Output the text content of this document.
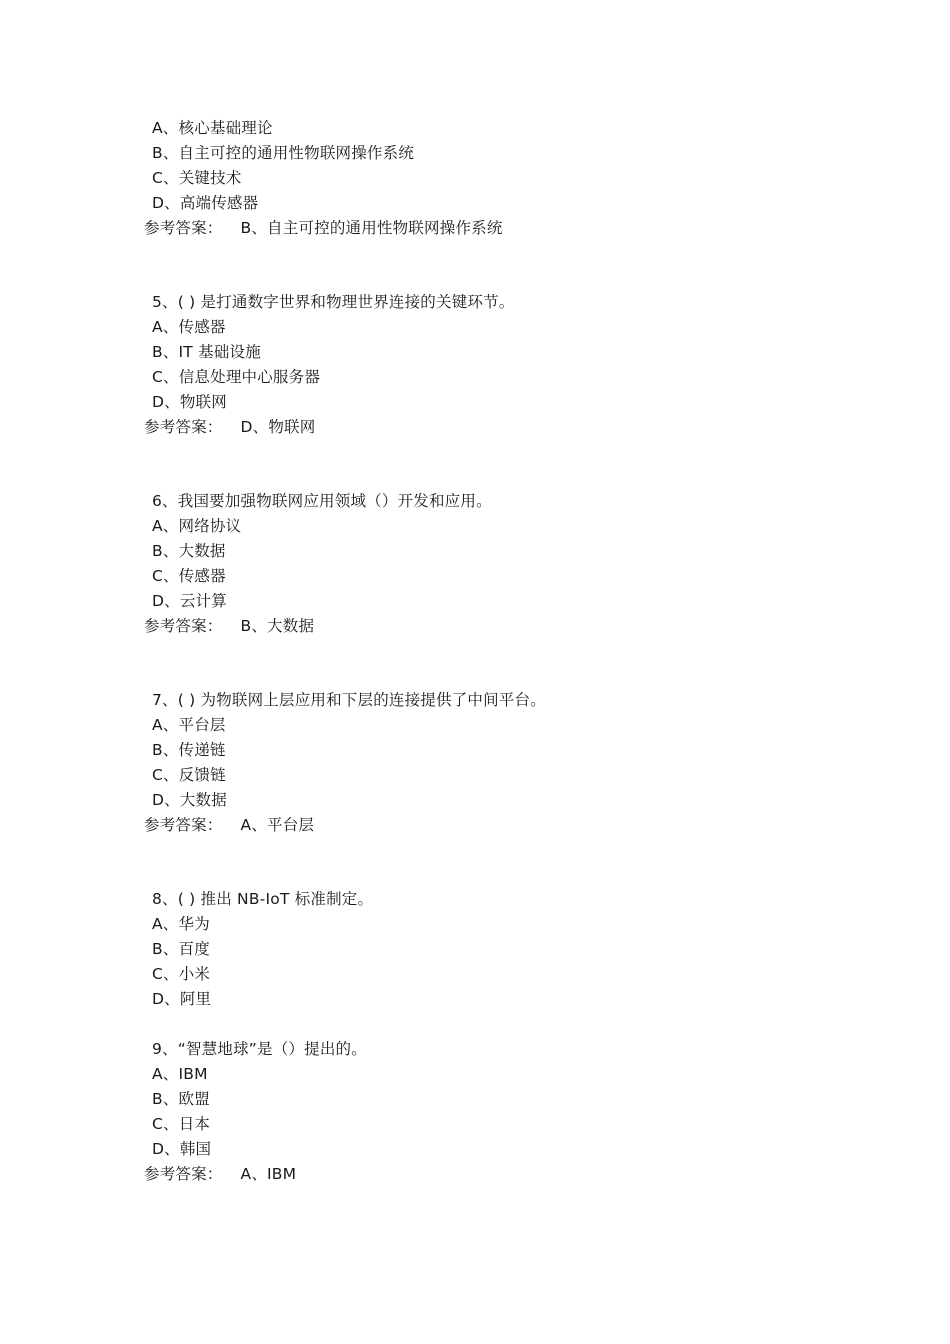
A、核心基础理论
B、自主可控的通用性物联网操作系统
C、关键技术
D、高端传感器
参考答案： B、自主可控的通用性物联网操作系统
5、( ) 是打通数字世界和物理世界连接的关键环节。
A、传感器
B、IT 基础设施
C、信息处理中心服务器
D、物联网
参考答案： D、物联网
6、我国要加强物联网应用领域（）开发和应用。
A、网络协议
B、大数据
C、传感器
D、云计算
参考答案： B、大数据
7、( ) 为物联网上层应用和下层的连接提供了中间平台。
A、平台层
B、传递链
C、反馈链
D、大数据
参考答案： A、平台层
8、( ) 推出 NB-IoT 标准制定。
A、华为
B、百度
C、小米
D、阿里
9、“智慧地球”是（）提出的。
A、IBM
B、欧盟
C、日本
D、韩国
参考答案： A、IBM
